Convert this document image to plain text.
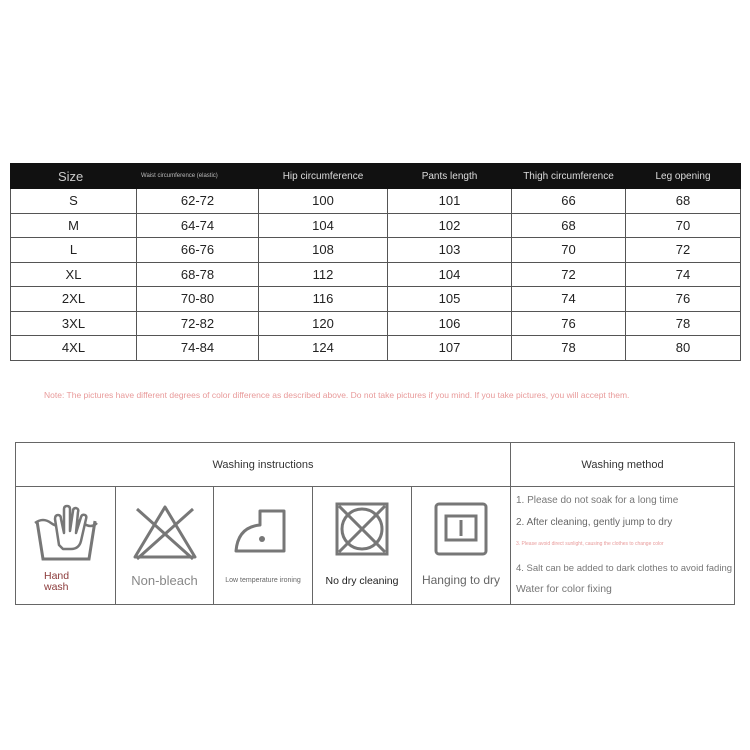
Size	Waist circumference (elastic)	Hip circumference	Pants length	Thigh circumference	Leg opening
S	62-72	100	101	66	68
M	64-74	104	102	68	70
L	66-76	108	103	70	72
XL	68-78	112	104	72	74
2XL	70-80	116	105	74	76
3XL	72-82	120	106	76	78
4XL	74-84	124	107	78	80
Note: The pictures have different degrees of color difference as described above. Do not take pictures if you mind. If you take pictures, you will accept them.
Washing instructions	Washing method
Hand
wash	Non-bleach	Low temperature ironing	No dry cleaning	Hanging to dry
1. Please do not soak for a long time
2. After cleaning, gently jump to dry
3. Please avoid direct sunlight, causing the clothes to change color
4. Salt can be added to dark clothes to avoid fading
Water for color fixing
